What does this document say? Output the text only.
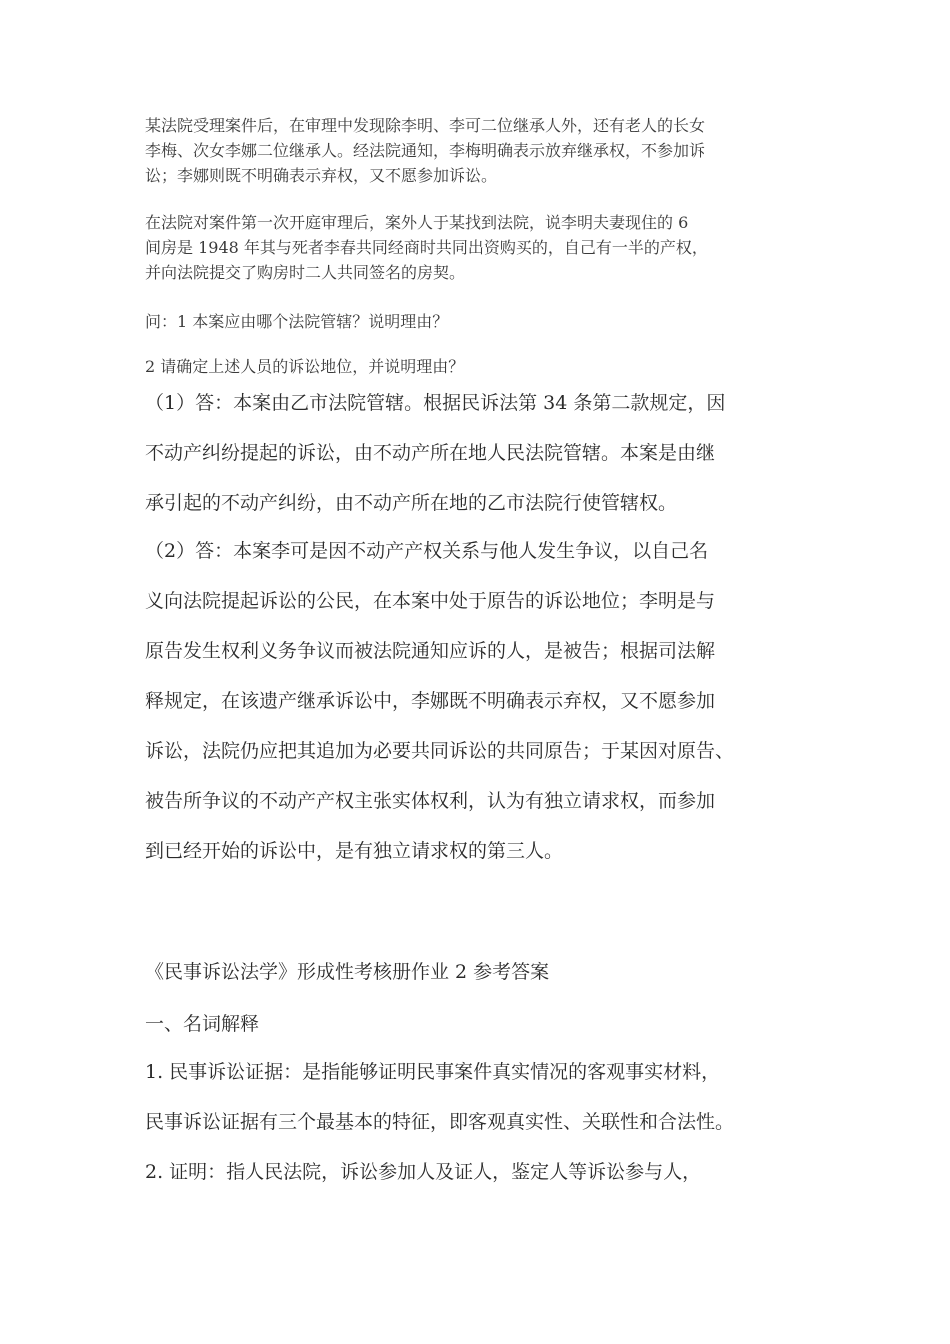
某法院受理案件后，在审理中发现除李明、李可二位继承人外，还有老人的长女
李梅、次女李娜二位继承人。经法院通知，李梅明确表示放弃继承权，不参加诉
讼；李娜则既不明确表示弃权，又不愿参加诉讼。

在法院对案件第一次开庭审理后，案外人于某找到法院，说李明夫妻现住的 6
间房是 1948 年其与死者李春共同经商时共同出资购买的，自己有一半的产权，
并向法院提交了购房时二人共同签名的房契。

问：1 本案应由哪个法院管辖？说明理由？

2 请确定上述人员的诉讼地位，并说明理由？

（1）答：本案由乙市法院管辖。根据民诉法第 34 条第二款规定，因
不动产纠纷提起的诉讼，由不动产所在地人民法院管辖。本案是由继
承引起的不动产纠纷，由不动产所在地的乙市法院行使管辖权。

（2）答：本案李可是因不动产产权关系与他人发生争议，以自己名
义向法院提起诉讼的公民，在本案中处于原告的诉讼地位；李明是与
原告发生权利义务争议而被法院通知应诉的人，是被告；根据司法解
释规定，在该遗产继承诉讼中，李娜既不明确表示弃权，又不愿参加
诉讼，法院仍应把其追加为必要共同诉讼的共同原告；于某因对原告、
被告所争议的不动产产权主张实体权利，认为有独立请求权，而参加
到已经开始的诉讼中，是有独立请求权的第三人。

《民事诉讼法学》形成性考核册作业 2 参考答案

一、名词解释

1. 民事诉讼证据：是指能够证明民事案件真实情况的客观事实材料，
民事诉讼证据有三个最基本的特征，即客观真实性、关联性和合法性。

2. 证明：指人民法院，诉讼参加人及证人，鉴定人等诉讼参与人，
